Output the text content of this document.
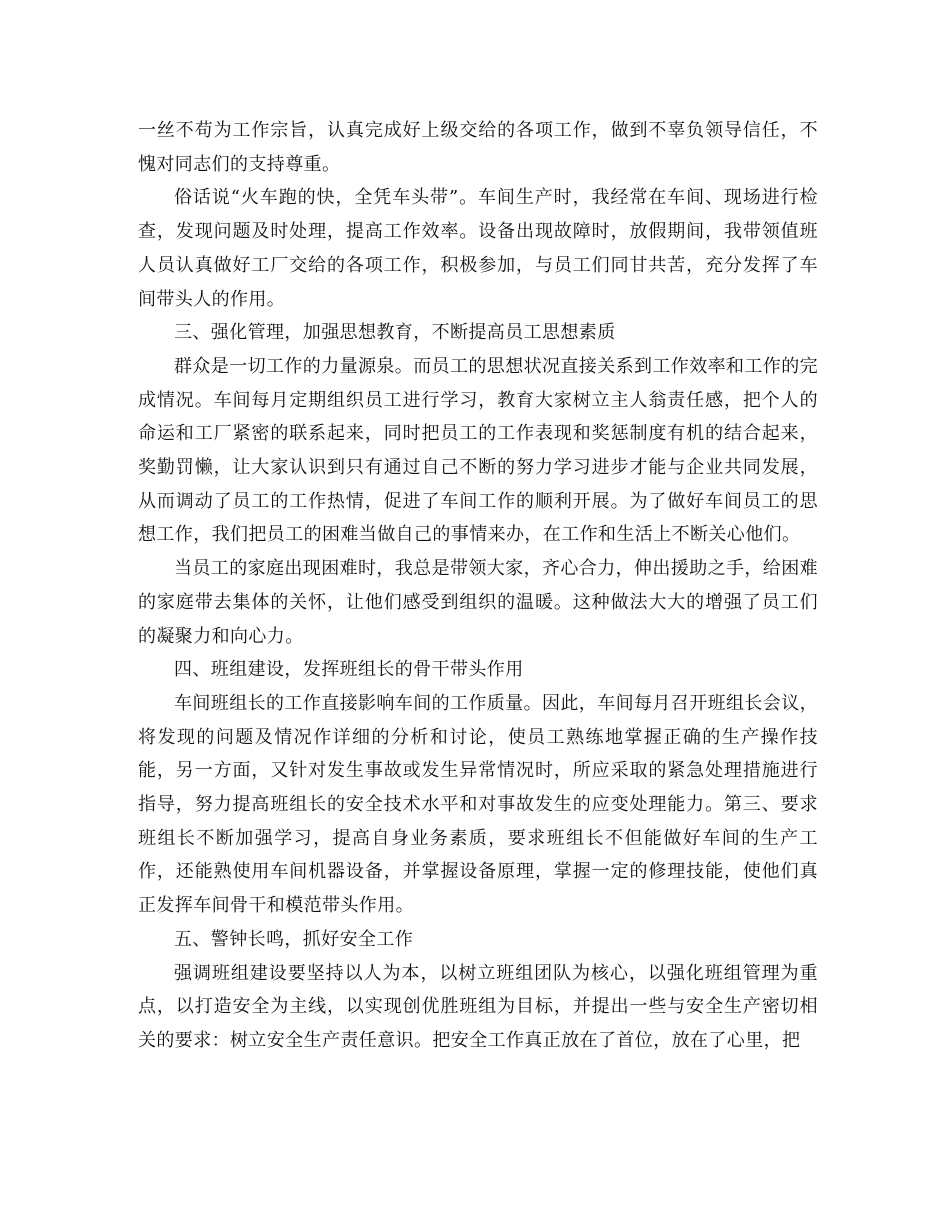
一丝不苟为工作宗旨，认真完成好上级交给的各项工作，做到不辜负领导信任，不愧对同志们的支持尊重。

俗话说“火车跑的快，全凭车头带”。车间生产时，我经常在车间、现场进行检查，发现问题及时处理，提高工作效率。设备出现故障时，放假期间，我带领值班人员认真做好工厂交给的各项工作，积极参加，与员工们同甘共苦，充分发挥了车间带头人的作用。

三、强化管理，加强思想教育，不断提高员工思想素质

群众是一切工作的力量源泉。而员工的思想状况直接关系到工作效率和工作的完成情况。车间每月定期组织员工进行学习，教育大家树立主人翁责任感，把个人的命运和工厂紧密的联系起来，同时把员工的工作表现和奖惩制度有机的结合起来，奖勤罚懒，让大家认识到只有通过自己不断的努力学习进步才能与企业共同发展，从而调动了员工的工作热情，促进了车间工作的顺利开展。为了做好车间员工的思想工作，我们把员工的困难当做自己的事情来办，在工作和生活上不断关心他们。

当员工的家庭出现困难时，我总是带领大家，齐心合力，伸出援助之手，给困难的家庭带去集体的关怀，让他们感受到组织的温暖。这种做法大大的增强了员工们的凝聚力和向心力。

四、班组建设，发挥班组长的骨干带头作用

车间班组长的工作直接影响车间的工作质量。因此，车间每月召开班组长会议，将发现的问题及情况作详细的分析和讨论，使员工熟练地掌握正确的生产操作技能，另一方面，又针对发生事故或发生异常情况时，所应采取的紧急处理措施进行指导，努力提高班组长的安全技术水平和对事故发生的应变处理能力。第三、要求班组长不断加强学习，提高自身业务素质，要求班组长不但能做好车间的生产工作，还能熟使用车间机器设备，并掌握设备原理，掌握一定的修理技能，使他们真正发挥车间骨干和模范带头作用。

五、警钟长鸣，抓好安全工作

强调班组建设要坚持以人为本，以树立班组团队为核心，以强化班组管理为重点，以打造安全为主线，以实现创优胜班组为目标，并提出一些与安全生产密切相关的要求：树立安全生产责任意识。把安全工作真正放在了首位，放在了心里，把
